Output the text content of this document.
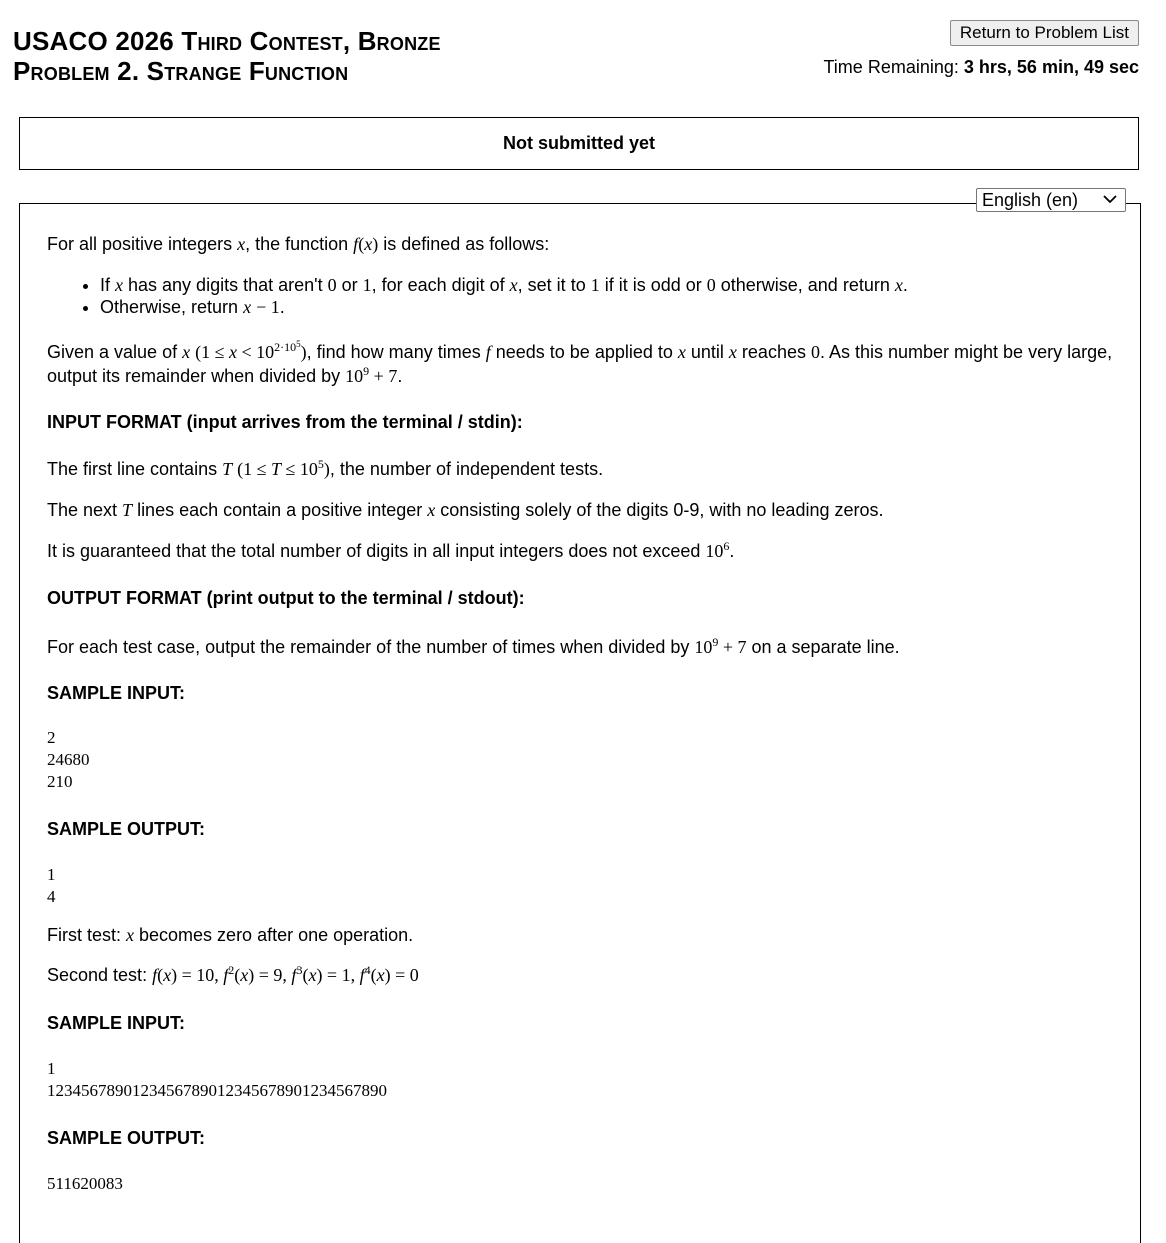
USACO 2026 Third Contest, Bronze
Problem 2. Strange Function
Return to Problem List
Time Remaining: 3 hrs, 56 min, 49 sec
Not submitted yet
English (en)

For all positive integers x, the function f(x) is defined as follows:

• If x has any digits that aren't 0 or 1, for each digit of x, set it to 1 if it is odd or 0 otherwise, and return x.
• Otherwise, return x − 1.

Given a value of x $(1 \le x < 10^{2\cdot 10^5})$, find how many times f needs to be applied to x until x reaches 0. As this number might be very large, output its remainder when divided by $10^9 + 7$.

INPUT FORMAT (input arrives from the terminal / stdin):

The first line contains T $(1 \le T \le 10^5)$, the number of independent tests.

The next T lines each contain a positive integer x consisting solely of the digits 0-9, with no leading zeros.

It is guaranteed that the total number of digits in all input integers does not exceed $10^6$.

OUTPUT FORMAT (print output to the terminal / stdout):

For each test case, output the remainder of the number of times when divided by $10^9 + 7$ on a separate line.

SAMPLE INPUT:

2
24680
210

SAMPLE OUTPUT:

1
4

First test: x becomes zero after one operation.

Second test: f(x) = 10, $f^2(x) = 9$, $f^3(x) = 1$, $f^4(x) = 0$

SAMPLE INPUT:

1
1234567890123456789012345678901234567890

SAMPLE OUTPUT:

511620083
